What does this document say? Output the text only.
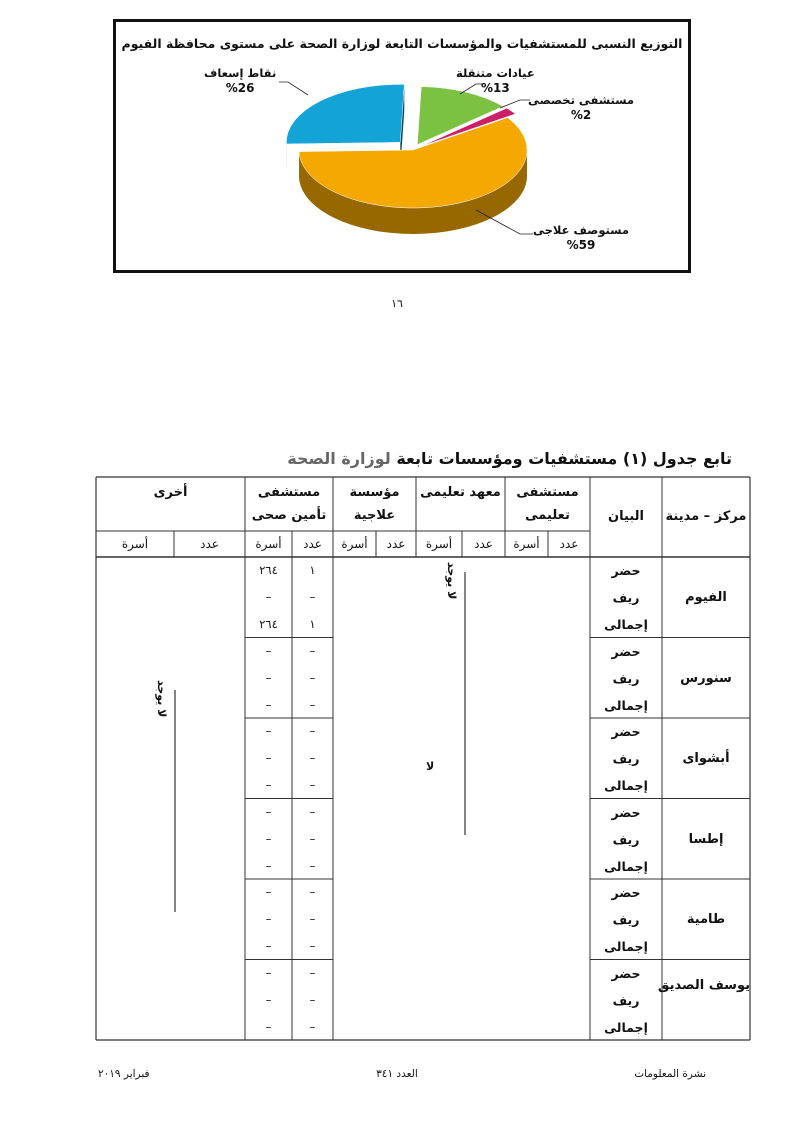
التوزيع النسبى للمستشفيات والمؤسسات التابعة لوزارة الصحة على مستوى محافظة الفيوم
نقاط إسعاف
%26
عيادات متنقلة
%13
مستشفى تخصصى
%2
مستوصف علاجى
%59
١٦
تابع جدول (١) مستشفيات ومؤسسات تابعة لوزارة الصحة
مركز – مدينة
البيان
مستشفى
تعليمى
معهد تعليمى
مؤسسة
علاجية
مستشفى
تأمين صحى
أخرى
عدد
أسرة
عدد
أسرة
عدد
أسرة
عدد
أسرة
عدد
أسرة
الفيوم
حضر
١
٢٦٤
ريف
–
–
إجمالى
١
٢٦٤
سنورس
حضر
–
–
ريف
–
–
إجمالى
–
–
أبشواى
حضر
–
–
ريف
–
–
إجمالى
–
–
إطسا
حضر
–
–
ريف
–
–
إجمالى
–
–
طامية
حضر
–
–
ريف
–
–
إجمالى
–
–
يوسف الصديق
حضر
–
–
ريف
–
–
إجمالى
–
–
لا يوجد
لا يوجد
لا
نشرة المعلومات
العدد ٣٤١
فبراير ٢٠١٩
